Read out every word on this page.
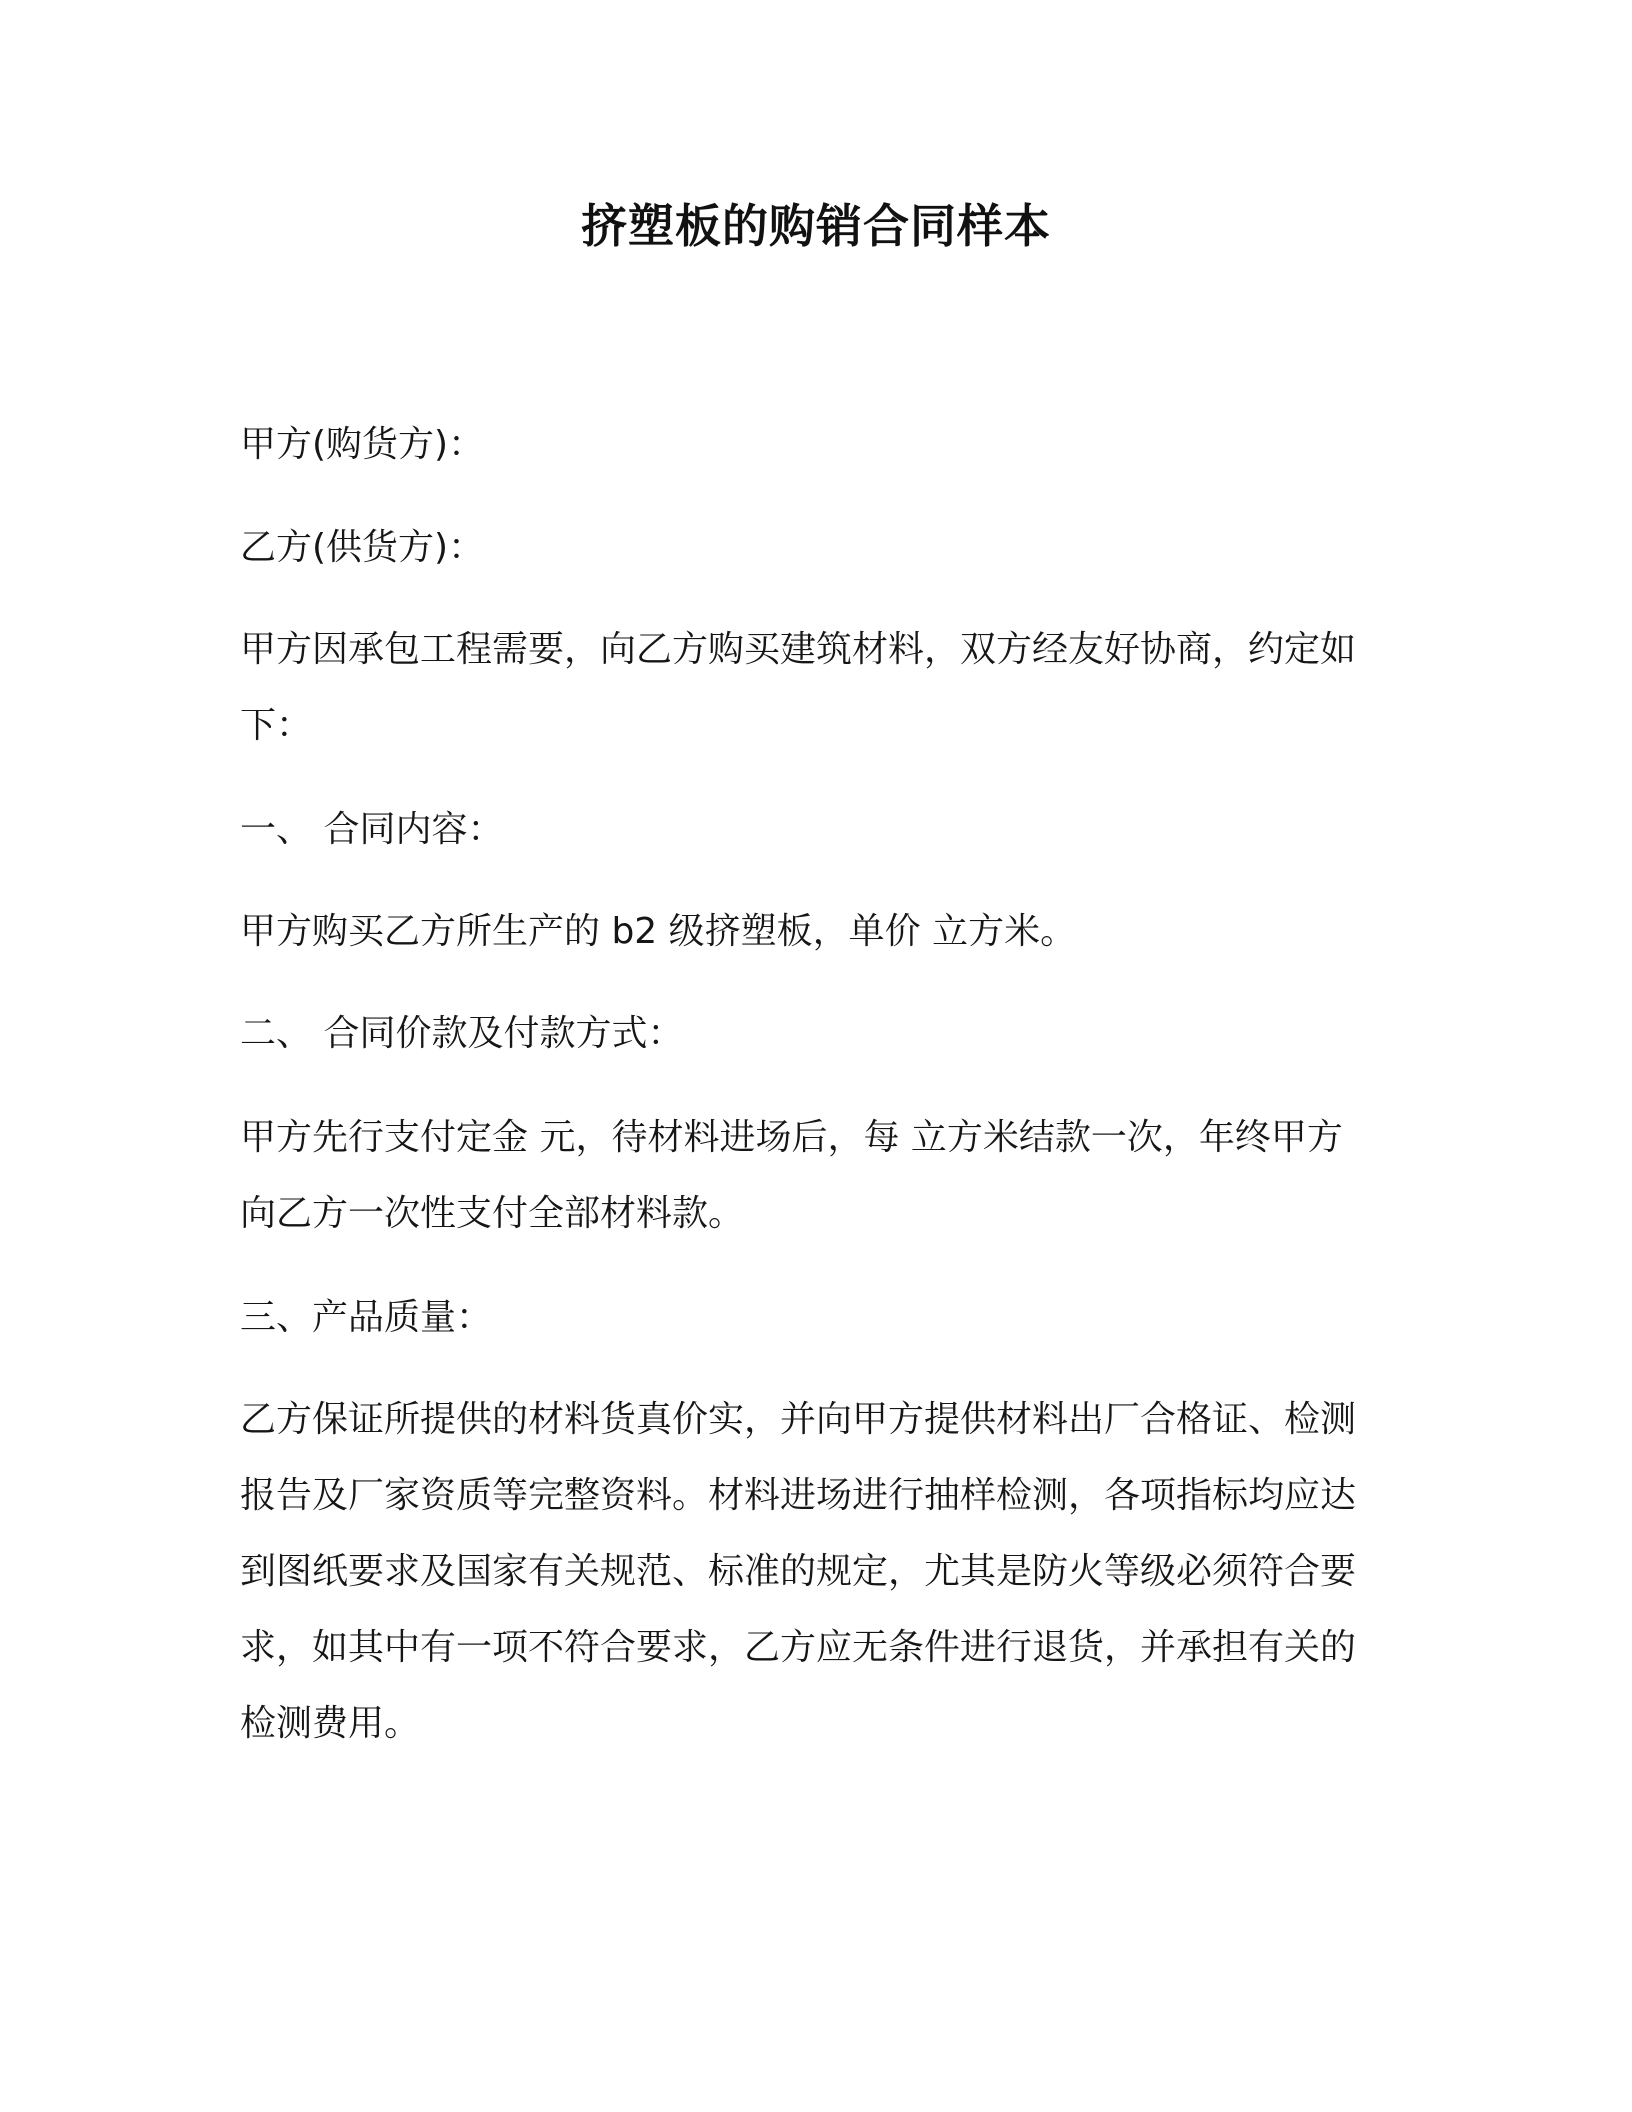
挤塑板的购销合同样本
甲方(购货方)：
乙方(供货方)：
甲方因承包工程需要，向乙方购买建筑材料，双方经友好协商，约定如下：
一、 合同内容：
甲方购买乙方所生产的 b2 级挤塑板，单价 立方米。
二、 合同价款及付款方式：
甲方先行支付定金 元，待材料进场后，每 立方米结款一次，年终甲方向乙方一次性支付全部材料款。
三、产品质量：
乙方保证所提供的材料货真价实，并向甲方提供材料出厂合格证、检测报告及厂家资质等完整资料。材料进场进行抽样检测，各项指标均应达到图纸要求及国家有关规范、标准的规定，尤其是防火等级必须符合要求，如其中有一项不符合要求，乙方应无条件进行退货，并承担有关的检测费用。
